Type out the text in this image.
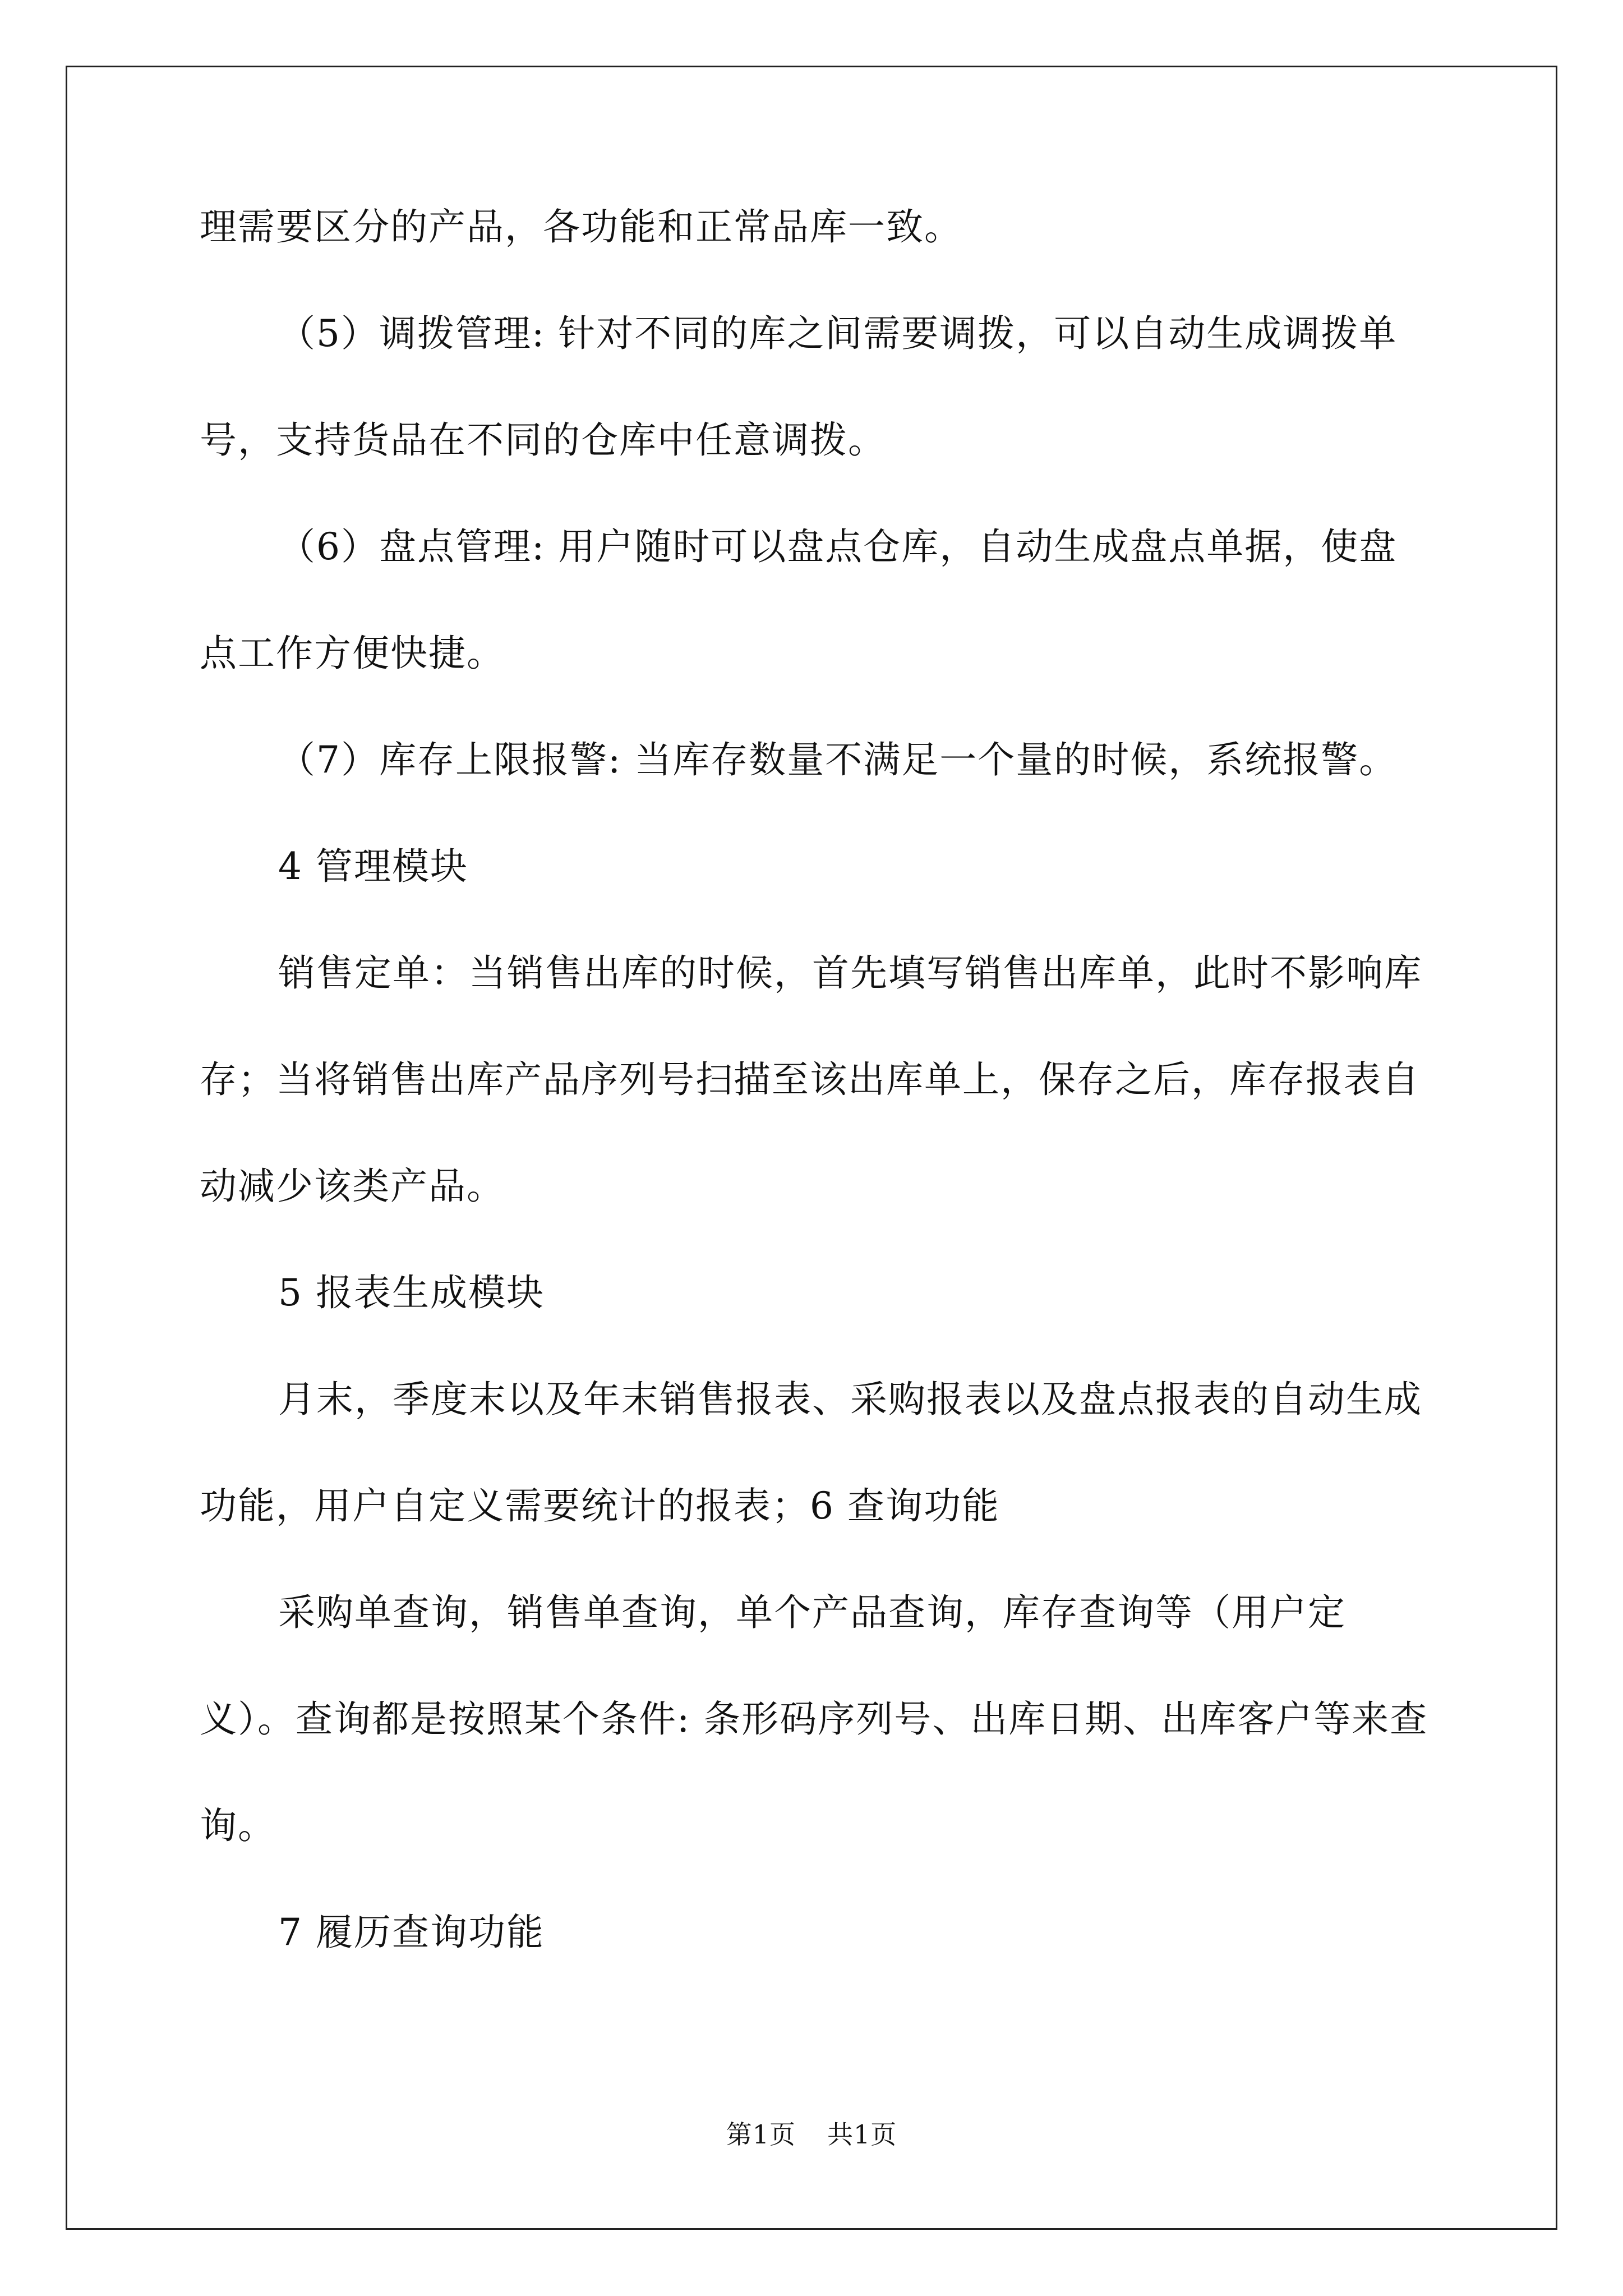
理需要区分的产品，各功能和正常品库一致。

（5）调拨管理: 针对不同的库之间需要调拨，可以自动生成调拨单号，支持货品在不同的仓库中任意调拨。

（6）盘点管理: 用户随时可以盘点仓库，自动生成盘点单据，使盘点工作方便快捷。

（7）库存上限报警: 当库存数量不满足一个量的时候，系统报警。

4 管理模块

销售定单：当销售出库的时候，首先填写销售出库单，此时不影响库存；当将销售出库产品序列号扫描至该出库单上，保存之后，库存报表自动减少该类产品。

5 报表生成模块

月末，季度末以及年末销售报表、采购报表以及盘点报表的自动生成功能，用户自定义需要统计的报表；6 查询功能

采购单查询，销售单查询，单个产品查询，库存查询等（用户定义）。查询都是按照某个条件: 条形码序列号、出库日期、出库客户等来查询。

7 履历查询功能

第1页 共1页
